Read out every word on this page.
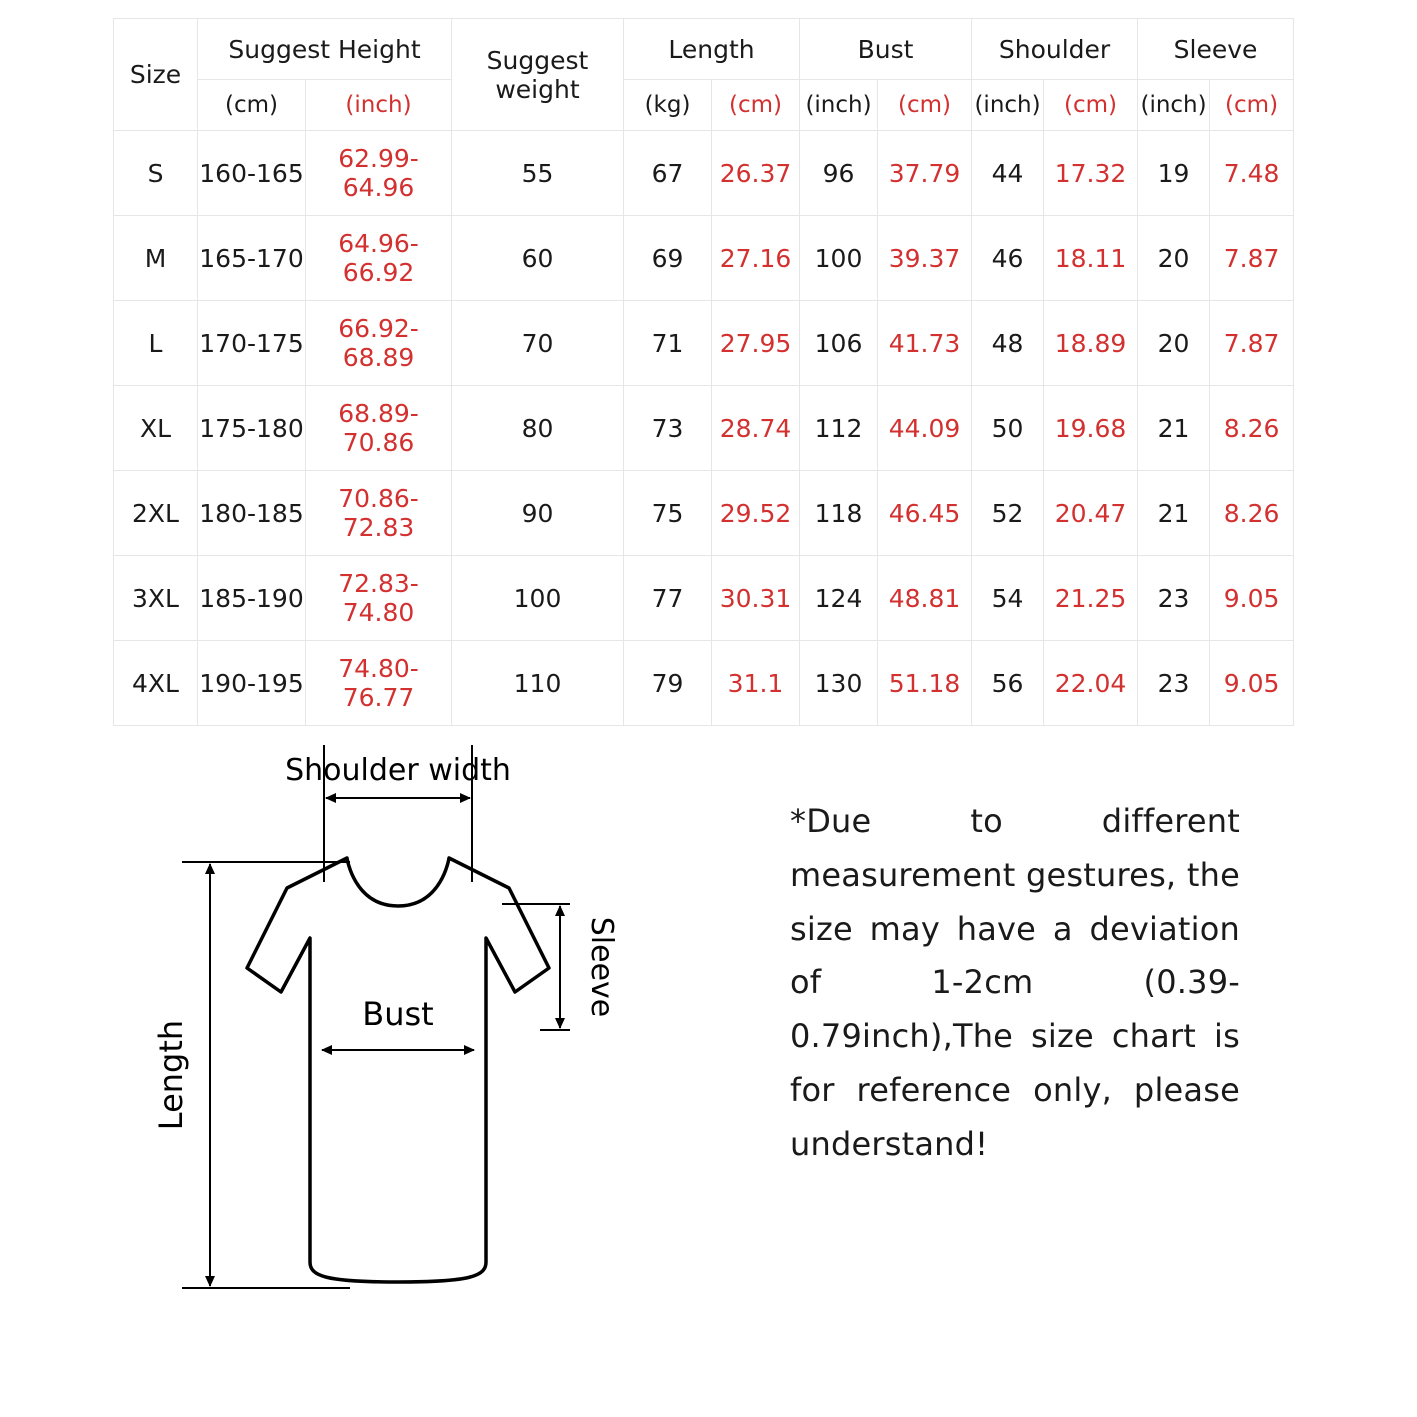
Size	Suggest Height		Suggest weight	Length		Bust		Shoulder		Sleeve	
	(cm)	(inch)		(kg)	(cm)	(inch)	(cm)	(inch)	(cm)	(inch)	(cm)
S	160-165	62.99-64.96	55	67	26.37	96	37.79	44	17.32	19	7.48
M	165-170	64.96-66.92	60	69	27.16	100	39.37	46	18.11	20	7.87
L	170-175	66.92-68.89	70	71	27.95	106	41.73	48	18.89	20	7.87
XL	175-180	68.89-70.86	80	73	28.74	112	44.09	50	19.68	21	8.26
2XL	180-185	70.86-72.83	90	75	29.52	118	46.45	52	20.47	21	8.26
3XL	185-190	72.83-74.80	100	77	30.31	124	48.81	54	21.25	23	9.05
4XL	190-195	74.80-76.77	110	79	31.1	130	51.18	56	22.04	23	9.05
Shoulder width
Bust	Sleeve
Length
*Due to different measurement gestures, the size may have a deviation of 1-2cm (0.39-0.79inch),The size chart is for reference only, please understand!
